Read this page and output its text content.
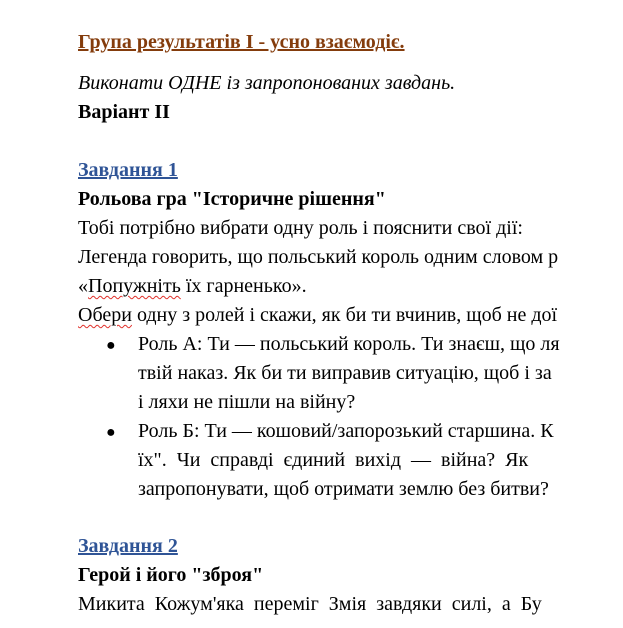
Група результатів І - усно взаємодіє.
Виконати ОДНЕ із запропонованих завдань.
Варіант ІІ
Завдання 1
Рольова гра "Історичне рішення"
Тобі потрібно вибрати одну роль і пояснити свої дії:
Легенда говорить, що польський король одним словом р
«Попужніть їх гарненько».
Обери одну з ролей і скажи, як би ти вчинив, щоб не дої
● Роль А: Ти — польський король. Ти знаєш, що ля
твій наказ. Як би ти виправив ситуацію, щоб і за
і ляхи не пішли на війну?
● Роль Б: Ти — кошовий/запорозький старшина. К
їх".  Чи  справді  єдиний  вихід  —  війна?  Як
запропонувати, щоб отримати землю без битви?
Завдання 2
Герой і його "зброя"
Микита  Кожум'яка  переміг  Змія  завдяки  силі,  а  Бу
